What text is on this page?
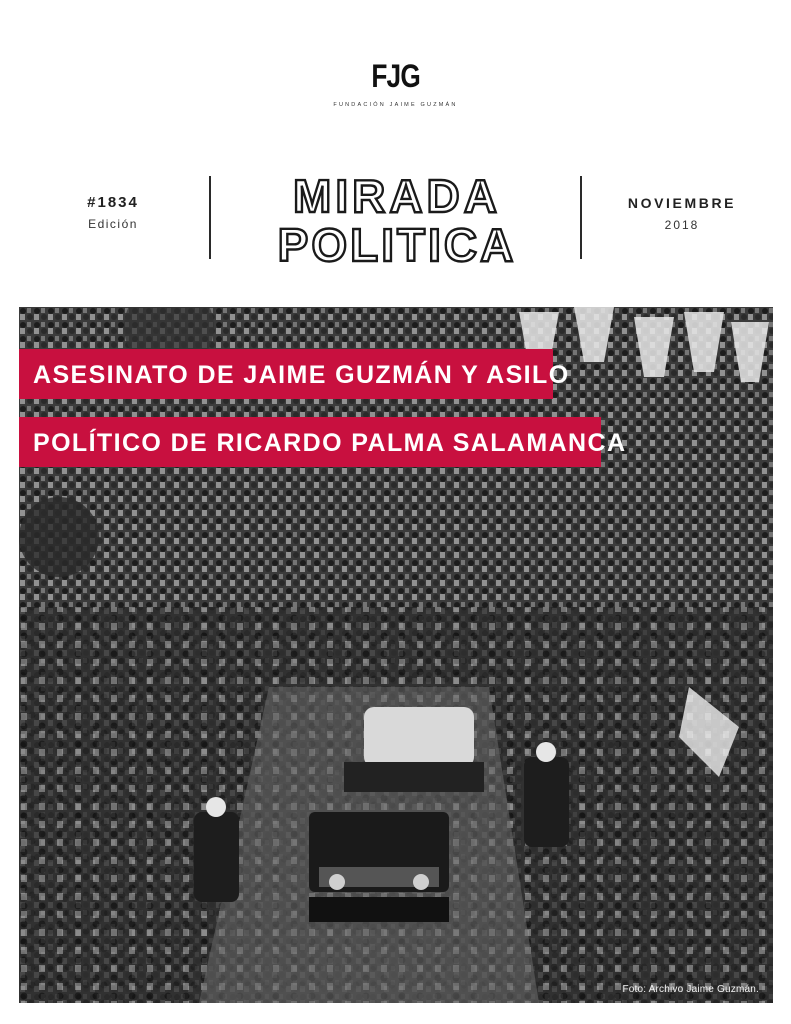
FJG
FUNDACIÓN JAIME GUZMÁN
#1834
Edición
MIRADA
POLITICA
NOVIEMBRE
2018
ASESINATO DE JAIME GUZMÁN Y ASILO
POLÍTICO DE RICARDO PALMA SALAMANCA
Foto: Archivo Jaime Guzmán.
